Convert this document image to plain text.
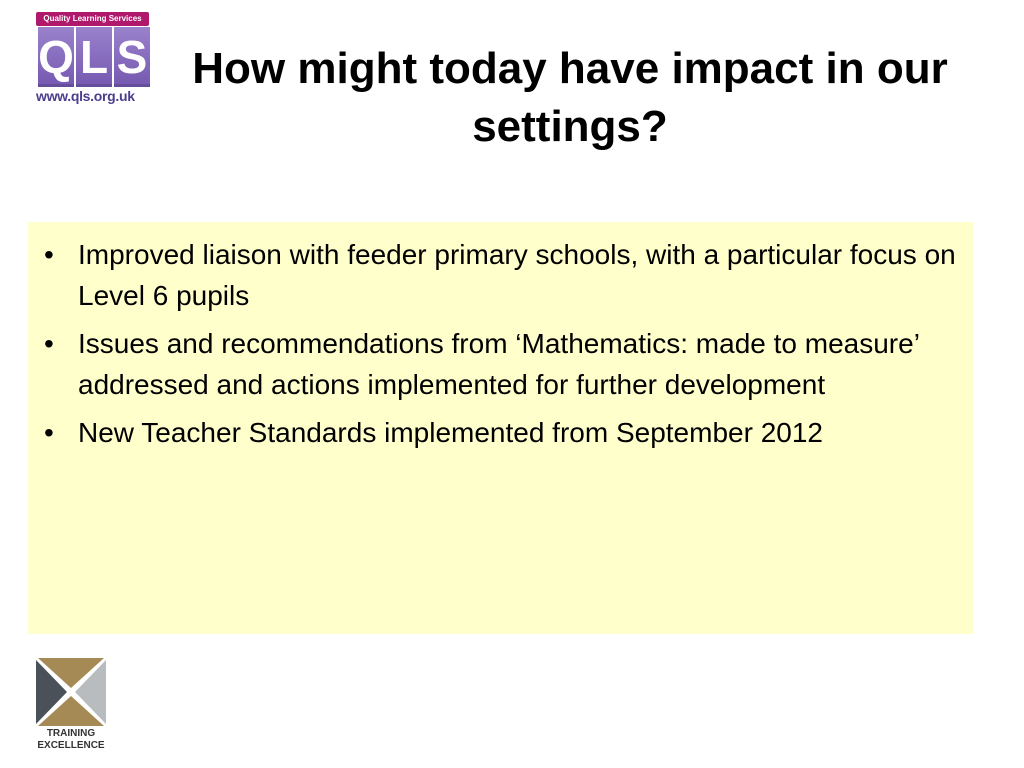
Quality Learning Services
Q L S
www.qls.org.uk
How might today have impact in our settings?
• Improved liaison with feeder primary schools, with a particular focus on Level 6 pupils
• Issues and recommendations from ‘Mathematics: made to measure’ addressed and actions implemented for further development
• New Teacher Standards implemented from September 2012
TRAINING
EXCELLENCE
